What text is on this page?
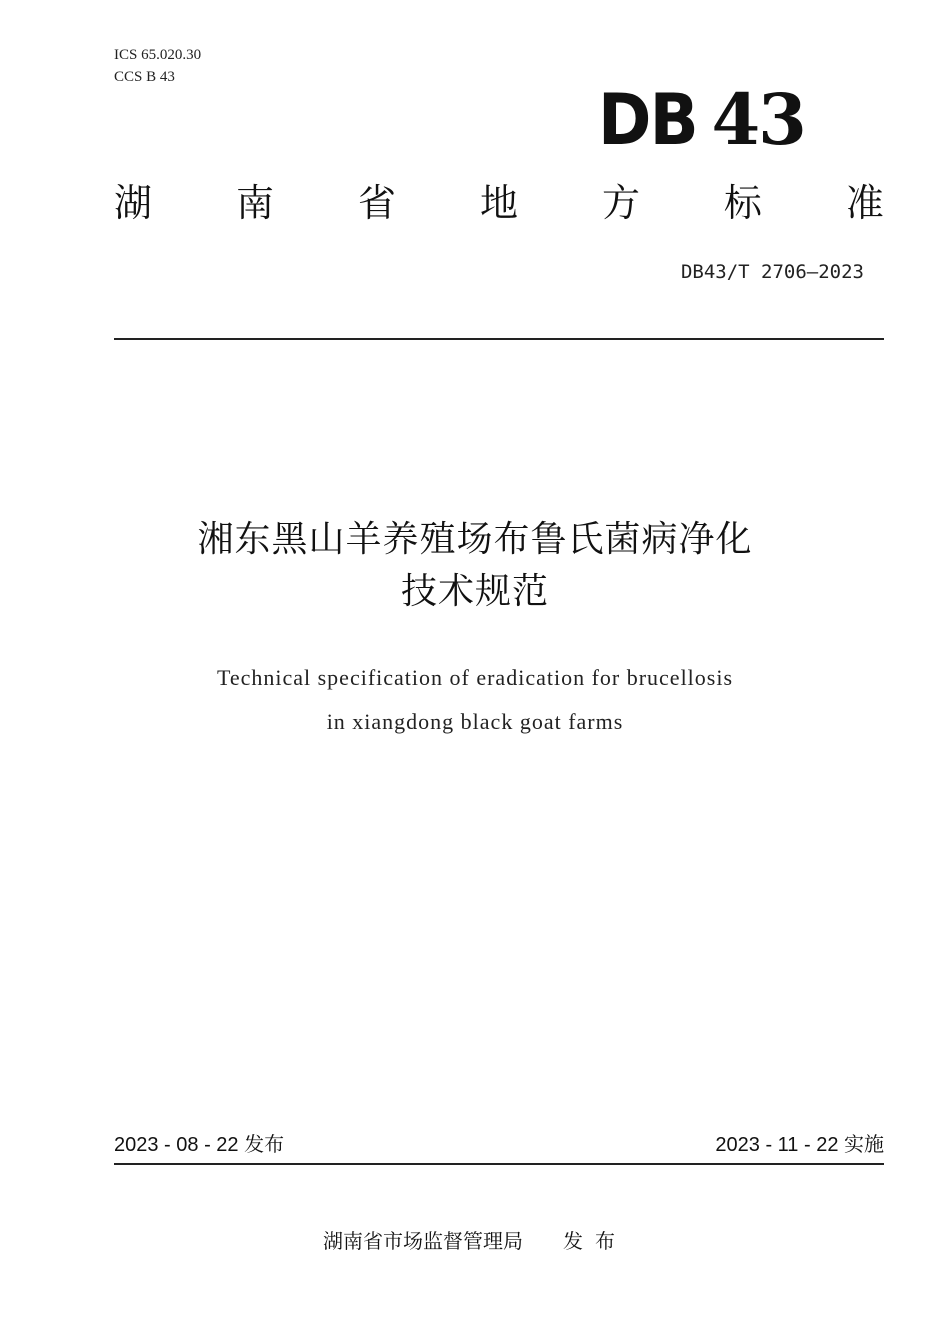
ICS 65.020.30
CCS B 43
DB 43
湖 南 省 地 方 标 准
DB43/T 2706—2023
湘东黑山羊养殖场布鲁氏菌病净化
技术规范
Technical specification of eradication for brucellosis
in xiangdong black goat farms
2023 - 08 - 22 发布	2023 - 11 - 22 实施
湖南省市场监督管理局 发布
